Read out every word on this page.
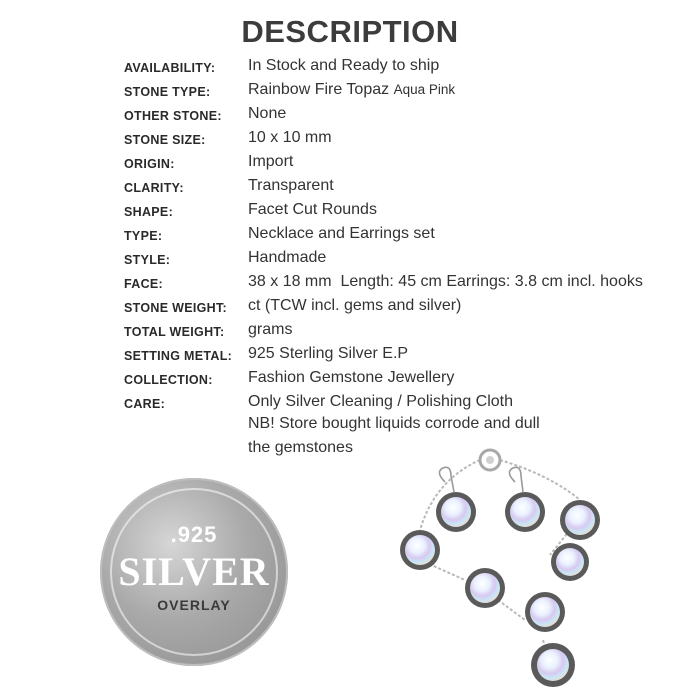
DESCRIPTION
AVAILABILITY: In Stock and Ready to ship
STONE TYPE: Rainbow Fire Topaz Aqua Pink
OTHER STONE: None
STONE SIZE:	10 x 10 mm
ORIGIN:	Import
CLARITY:	Transparent
SHAPE:	Facet Cut Rounds
TYPE:	Necklace and Earrings set
STYLE:	Handmade
FACE:	38 x 18 mm  Length: 45 cm Earrings: 3.8 cm incl. hooks
STONE WEIGHT: ct (TCW incl. gems and silver)
TOTAL WEIGHT: grams
SETTING METAL: 925 Sterling Silver E.P
COLLECTION: Fashion Gemstone Jewellery
CARE:	Only Silver Cleaning / Polishing Cloth
NB! Store bought liquids corrode and dull
the gemstones
.925
SILVER
OVERLAY
